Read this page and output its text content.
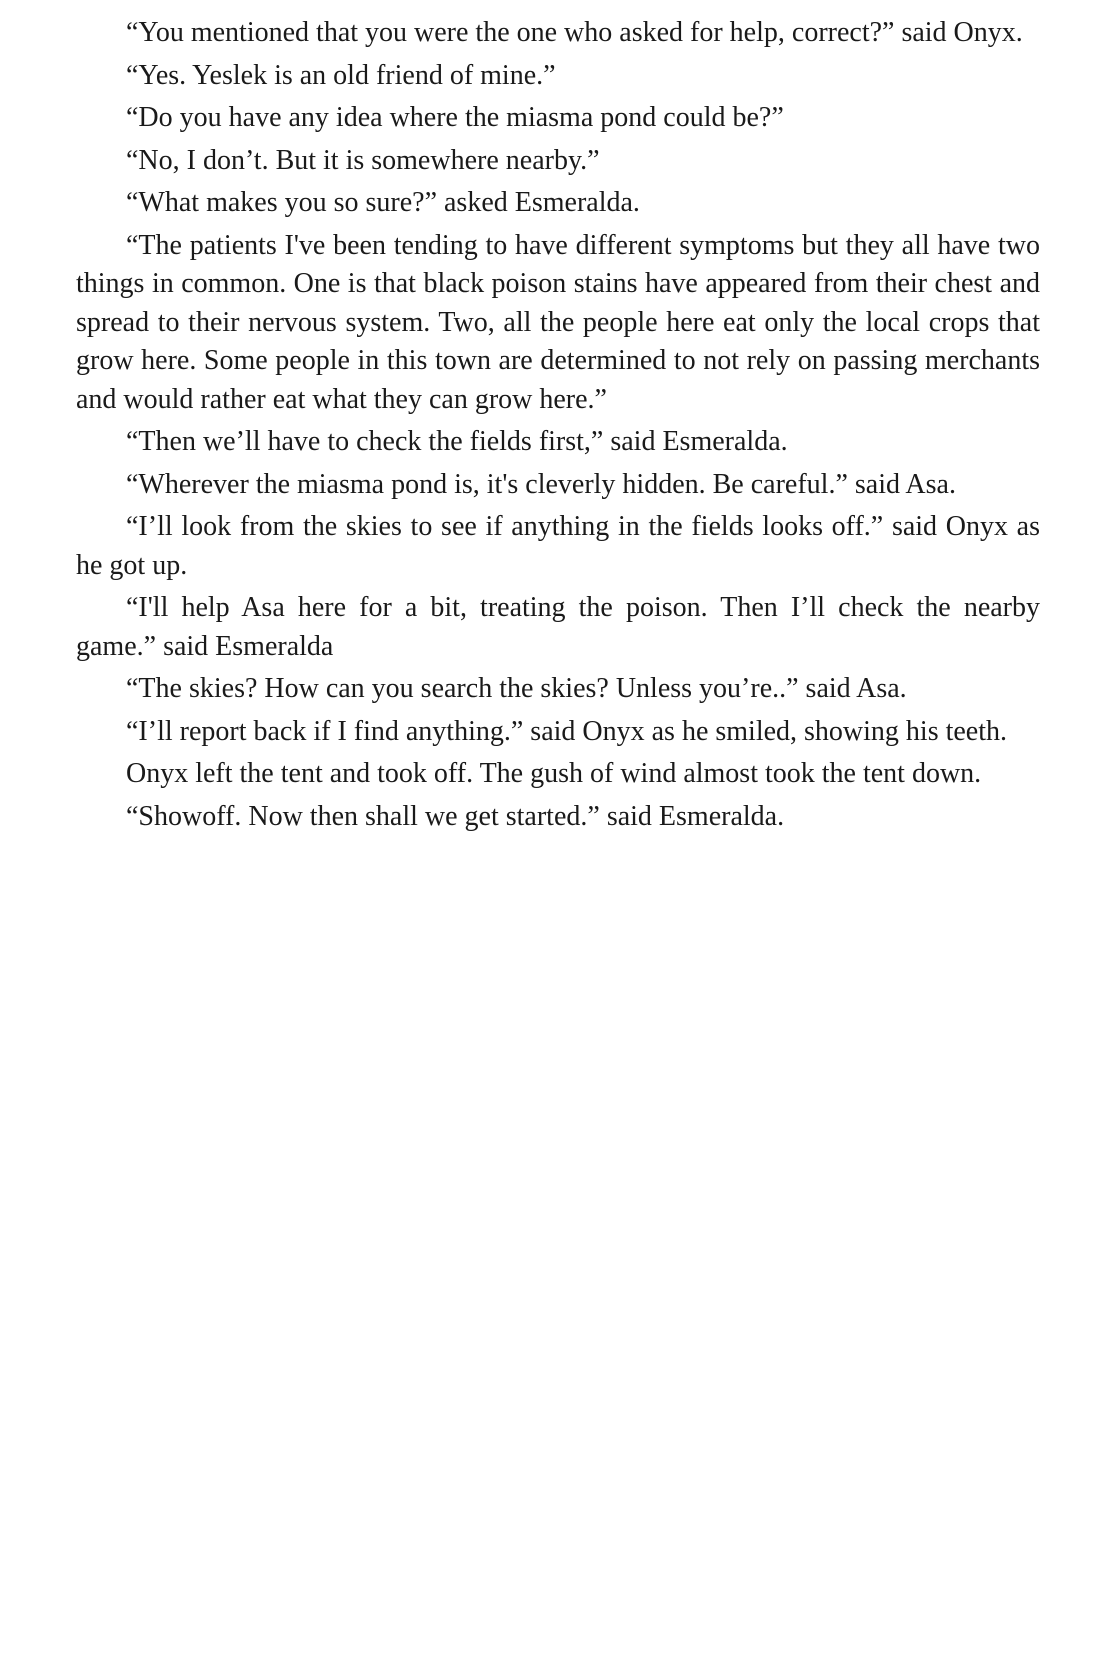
“You mentioned that you were the one who asked for help, correct?” said Onyx.

“Yes. Yeslek is an old friend of mine.”

“Do you have any idea where the miasma pond could be?”

“No, I don’t. But it is somewhere nearby.”

“What makes you so sure?” asked Esmeralda.

“The patients I've been tending to have different symptoms but they all have two things in common. One is that black poison stains have appeared from their chest and spread to their nervous system. Two, all the people here eat only the local crops that grow here. Some people in this town are determined to not rely on passing merchants and would rather eat what they can grow here.”

“Then we’ll have to check the fields first,” said Esmeralda.

“Wherever the miasma pond is, it's cleverly hidden. Be careful.” said Asa.

“I’ll look from the skies to see if anything in the fields looks off.” said Onyx as he got up.

“I'll help Asa here for a bit, treating the poison. Then I’ll check the nearby game.” said Esmeralda

“The skies? How can you search the skies? Unless you’re..” said Asa.

“I’ll report back if I find anything.” said Onyx as he smiled, showing his teeth.

Onyx left the tent and took off. The gush of wind almost took the tent down.

“Showoff. Now then shall we get started.” said Esmeralda.
